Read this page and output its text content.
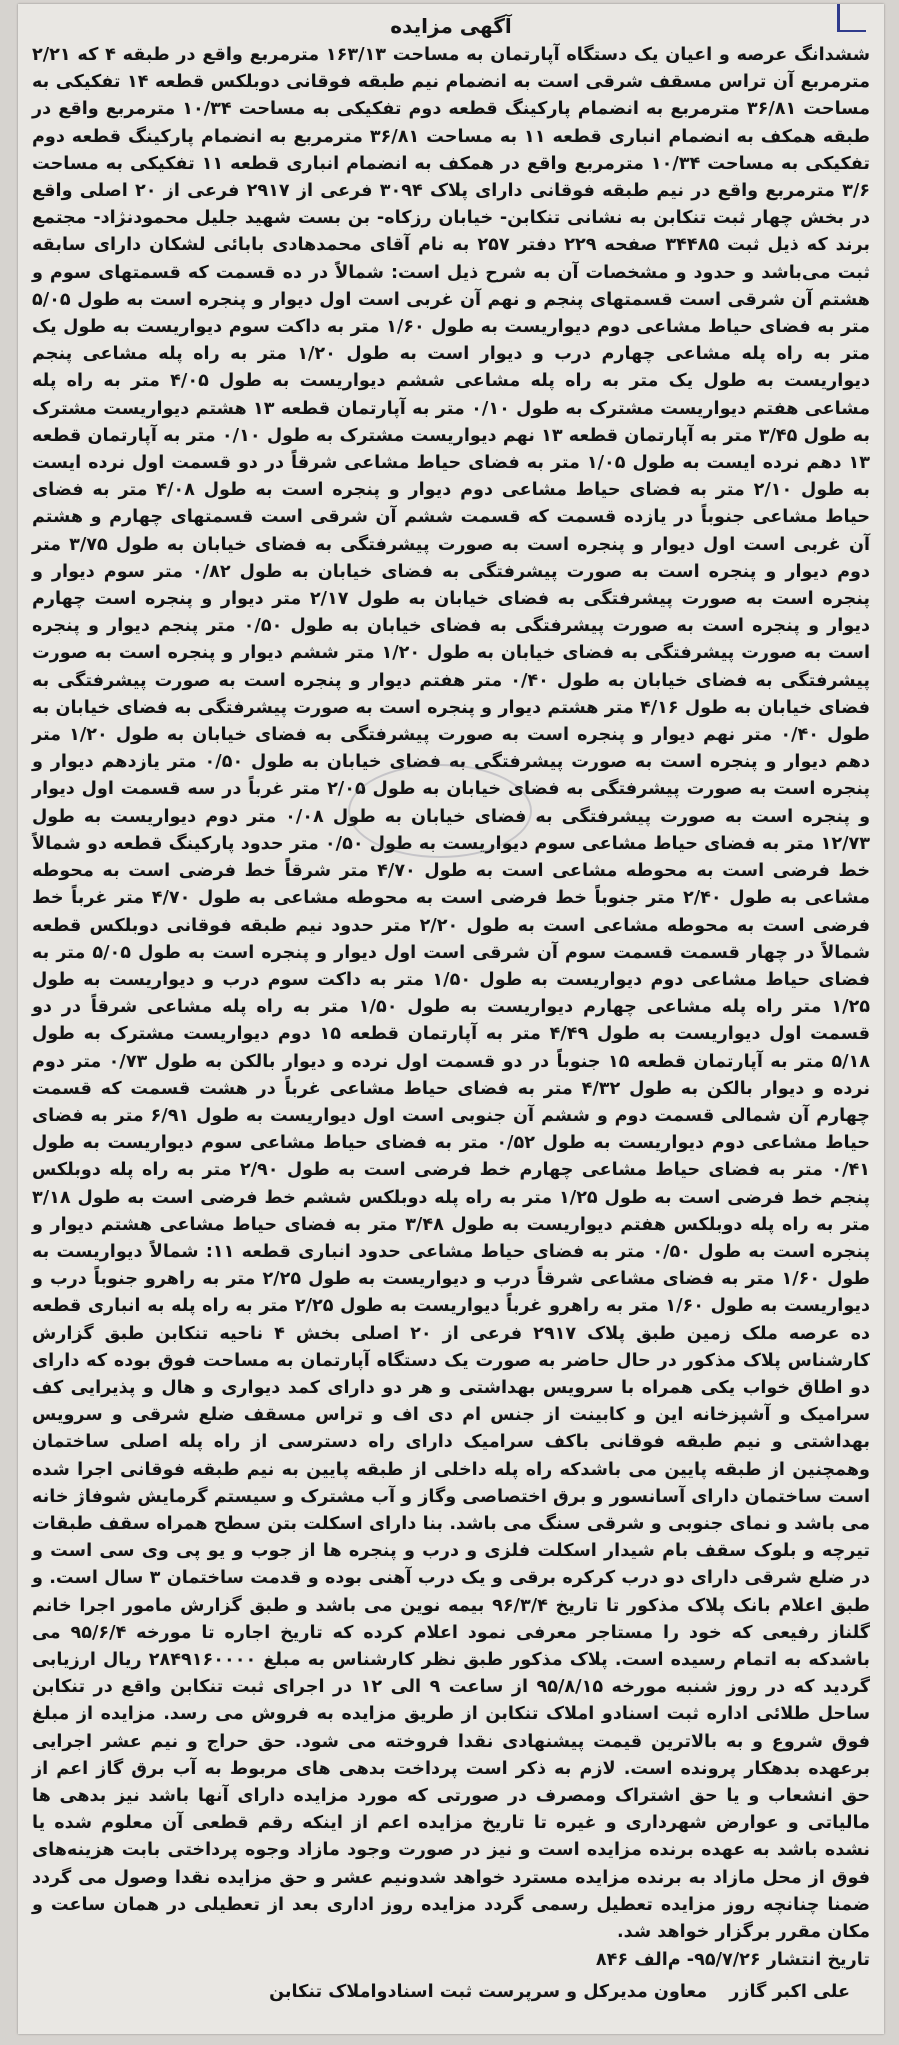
آگهی مزایده

ششدانگ عرصه و اعیان یک دستگاه آپارتمان به مساحت ۱۶۳/۱۳ مترمربع واقع در طبقه ۴ که ۲/۲۱ مترمربع آن تراس مسقف شرقی است به انضمام نیم طبقه فوقانی دوبلکس قطعه ۱۴ تفکیکی به مساحت ۳۶/۸۱ مترمربع به انضمام پارکینگ قطعه دوم تفکیکی به مساحت ۱۰/۳۴ مترمربع واقع در طبقه همکف به انضمام انباری قطعه ۱۱ به مساحت ۳۶/۸۱ مترمربع به انضمام پارکینگ قطعه دوم تفکیکی به مساحت ۱۰/۳۴ مترمربع واقع در همکف به انضمام انباری قطعه ۱۱ تفکیکی به مساحت ۳/۶ مترمربع واقع در نیم طبقه فوقانی دارای پلاک ۳۰۹۴ فرعی از ۲۹۱۷ فرعی از ۲۰ اصلی واقع در بخش چهار ثبت تنکابن به نشانی تنکابن- خیابان رزکاه- بن بست شهید جلیل محمودنژاد- مجتمع برند که ذیل ثبت ۳۴۴۸۵ صفحه ۲۲۹ دفتر ۲۵۷ به نام آقای محمدهادی بابائی لشکان دارای سابقه ثبت می‌باشد و حدود و مشخصات آن به شرح ذیل است: شمالاً در ده قسمت که قسمتهای سوم و هشتم آن شرقی است قسمتهای پنجم و نهم آن غربی است اول دیوار و پنجره است به طول ۵/۰۵ متر به فضای حیاط مشاعی دوم دیواریست به طول ۱/۶۰ متر به داکت سوم دیواریست به طول یک متر به راه پله مشاعی چهارم درب و دیوار است به طول ۱/۲۰ متر به راه پله مشاعی پنجم دیواریست به طول یک متر به راه پله مشاعی ششم دیواریست به طول ۴/۰۵ متر به راه پله مشاعی هفتم دیواریست مشترک به طول ۰/۱۰ متر به آپارتمان قطعه ۱۳ هشتم دیواریست مشترک به طول ۳/۴۵ متر به آپارتمان قطعه ۱۳ نهم دیواریست مشترک به طول ۰/۱۰ متر به آپارتمان قطعه ۱۳ دهم نرده ایست به طول ۱/۰۵ متر به فضای حیاط مشاعی شرقاً در دو قسمت اول نرده ایست به طول ۲/۱۰ متر به فضای حیاط مشاعی دوم دیوار و پنجره است به طول ۴/۰۸ متر به فضای حیاط مشاعی جنوباً در یازده قسمت که قسمت ششم آن شرقی است قسمتهای چهارم و هشتم آن غربی است اول دیوار و پنجره است به صورت پیشرفتگی به فضای خیابان به طول ۳/۷۵ متر دوم دیوار و پنجره است به صورت پیشرفتگی به فضای خیابان به طول ۰/۸۲ متر سوم دیوار و پنجره است به صورت پیشرفتگی به فضای خیابان به طول ۲/۱۷ متر دیوار و پنجره است چهارم دیوار و پنجره است به صورت پیشرفتگی به فضای خیابان به طول ۰/۵۰ متر پنجم دیوار و پنجره است به صورت پیشرفتگی به فضای خیابان به طول ۱/۲۰ متر ششم دیوار و پنجره است به صورت پیشرفتگی به فضای خیابان به طول ۰/۴۰ متر هفتم دیوار و پنجره است به صورت پیشرفتگی به فضای خیابان به طول ۴/۱۶ متر هشتم دیوار و پنجره است به صورت پیشرفتگی به فضای خیابان به طول ۰/۴۰ متر نهم دیوار و پنجره است به صورت پیشرفتگی به فضای خیابان به طول ۱/۲۰ متر دهم دیوار و پنجره است به صورت پیشرفتگی به فضای خیابان به طول ۰/۵۰ متر یازدهم دیوار و پنجره است به صورت پیشرفتگی به فضای خیابان به طول ۲/۰۵ متر غرباً در سه قسمت اول دیوار و پنجره است به صورت پیشرفتگی به فضای خیابان به طول ۰/۰۸ متر دوم دیواریست به طول ۱۲/۷۳ متر به فضای حیاط مشاعی سوم دیواریست به طول ۰/۵۰ متر حدود پارکینگ قطعه دو شمالاً خط فرضی است به محوطه مشاعی است به طول ۴/۷۰ متر شرقاً خط فرضی است به محوطه مشاعی به طول ۲/۴۰ متر جنوباً خط فرضی است به محوطه مشاعی به طول ۴/۷۰ متر غرباً خط فرضی است به محوطه مشاعی است به طول ۲/۲۰ متر حدود نیم طبقه فوقانی دوبلکس قطعه شمالاً در چهار قسمت قسمت سوم آن شرقی است اول دیوار و پنجره است به طول ۵/۰۵ متر به فضای حیاط مشاعی دوم دیواریست به طول ۱/۵۰ متر به داکت سوم درب و دیواریست به طول ۱/۲۵ متر راه پله مشاعی چهارم دیواریست به طول ۱/۵۰ متر به راه پله مشاعی شرقاً در دو قسمت اول دیواریست به طول ۴/۴۹ متر به آپارتمان قطعه ۱۵ دوم دیواریست مشترک به طول ۵/۱۸ متر به آپارتمان قطعه ۱۵ جنوباً در دو قسمت اول نرده و دیوار بالکن به طول ۰/۷۳ متر دوم نرده و دیوار بالکن به طول ۴/۳۲ متر به فضای حیاط مشاعی غرباً در هشت قسمت که قسمت چهارم آن شمالی قسمت دوم و ششم آن جنوبی است اول دیواریست به طول ۶/۹۱ متر به فضای حیاط مشاعی دوم دیواریست به طول ۰/۵۲ متر به فضای حیاط مشاعی سوم دیواریست به طول ۰/۴۱ متر به فضای حیاط مشاعی چهارم خط فرضی است به طول ۲/۹۰ متر به راه پله دوبلکس پنجم خط فرضی است به طول ۱/۲۵ متر به راه پله دوبلکس ششم خط فرضی است به طول ۳/۱۸ متر به راه پله دوبلکس هفتم دیواریست به طول ۳/۴۸ متر به فضای حیاط مشاعی هشتم دیوار و پنجره است به طول ۰/۵۰ متر به فضای حیاط مشاعی حدود انباری قطعه ۱۱: شمالاً دیواریست به طول ۱/۶۰ متر به فضای مشاعی شرقاً درب و دیواریست به طول ۲/۲۵ متر به راهرو جنوباً درب و دیواریست به طول ۱/۶۰ متر به راهرو غرباً دیواریست به طول ۲/۲۵ متر به راه پله به انباری قطعه ده عرصه ملک زمین طبق پلاک ۲۹۱۷ فرعی از ۲۰ اصلی بخش ۴ ناحیه تنکابن طبق گزارش کارشناس پلاک مذکور در حال حاضر به صورت یک دستگاه آپارتمان به مساحت فوق بوده که دارای دو اطاق خواب یکی همراه با سرویس بهداشتی و هر دو دارای کمد دیواری و هال و پذیرایی کف سرامیک و آشپزخانه این و کابینت از جنس ام دی اف و تراس مسقف ضلع شرقی و سرویس بهداشتی و نیم طبقه فوقانی باکف سرامیک دارای راه دسترسی از راه پله اصلی ساختمان وهمچنین از طبقه پایین می باشدکه راه پله داخلی از طبقه پایین به نیم طبقه فوقانی اجرا شده است ساختمان دارای آسانسور و برق اختصاصی وگاز و آب مشترک و سیستم گرمایش شوفاژ خانه می باشد و نمای جنوبی و شرقی سنگ می باشد. بنا دارای اسکلت بتن سطح همراه سقف طبقات تیرچه و بلوک سقف بام شیدار اسکلت فلزی و درب و پنجره ها از جوب و یو پی وی سی است و در ضلع شرقی دارای دو درب کرکره برقی و یک درب آهنی بوده و قدمت ساختمان ۳ سال است. و طبق اعلام بانک پلاک مذکور تا تاریخ ۹۶/۳/۴ بیمه نوین می باشد و طبق گزارش مامور اجرا خانم گلناز رفیعی که خود را مستاجر معرفی نمود اعلام کرده که تاریخ اجاره تا مورخه ۹۵/۶/۴ می باشدکه به اتمام رسیده است. پلاک مذکور طبق نظر کارشناس به مبلغ ۲۸۴۹۱۶۰۰۰۰ ریال ارزیابی گردید که در روز شنبه مورخه ۹۵/۸/۱۵ از ساعت ۹ الی ۱۲ در اجرای ثبت تنکابن واقع در تنکابن ساحل طلائی اداره ثبت اسنادو املاک تنکابن از طریق مزایده به فروش می رسد. مزایده از مبلغ فوق شروع و به بالاترین قیمت پیشنهادی نقدا فروخته می شود. حق حراج و نیم عشر اجرایی برعهده بدهکار پرونده است. لازم به ذکر است پرداخت بدهی های مربوط به آب برق گاز اعم از حق انشعاب و یا حق اشتراک ومصرف در صورتی که مورد مزایده دارای آنها باشد نیز بدهی ها مالیاتی و عوارض شهرداری و غیره تا تاریخ مزایده اعم از اینکه رقم قطعی آن معلوم شده یا نشده باشد به عهده برنده مزایده است و نیز در صورت وجود مازاد وجوه پرداختی بابت هزینه‌های فوق از محل مازاد به برنده مزایده مسترد خواهد شدونیم عشر و حق مزایده نقدا وصول می گردد ضمنا چنانچه روز مزایده تعطیل رسمی گردد مزایده روز اداری بعد از تعطیلی در همان ساعت و مکان مقرر برگزار خواهد شد.

تاریخ انتشار ۹۵/۷/۲۶- م‌الف ۸۴۶

علی اکبر گازر
معاون مدیرکل و سرپرست ثبت اسنادواملاک تنکابن
